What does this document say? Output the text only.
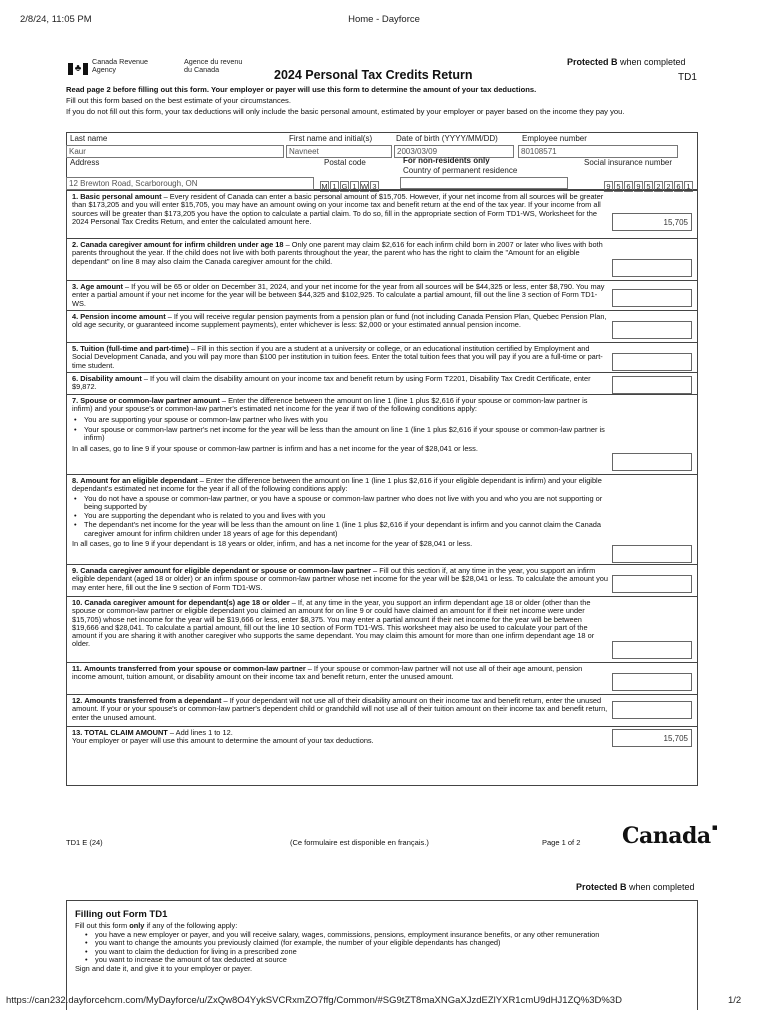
2/8/24, 11:05 PM	Home - Dayforce
♣
Canada Revenue
Agency
Agence du revenu
du Canada
Protected B when completed
2024 Personal Tax Credits Return	TD1
Read page 2 before filling out this form. Your employer or payer will use this form to determine the amount of your tax deductions.
Fill out this form based on the best estimate of your circumstances.
If you do not fill out this form, your tax deductions will only include the basic personal amount, estimated by your employer or payer based on the income they pay you.
Last name
Kaur
First name and initial(s)
Navneet
Date of birth (YYYY/MM/DD)
2003/03/09
Employee number
80108571
Address
12 Brewton Road, Scarborough, ON
Postal code
M 1 G 1 W 3
For non-residents only
Country of permanent residence
Social insurance number
9 5 6 9 5 2 2 6 1
1. Basic personal amount – Every resident of Canada can enter a basic personal amount of $15,705. However, if your net income from all sources will be greater than $173,205 and you will enter $15,705, you may have an amount owing on your income tax and benefit return at the end of the tax year. If your income from all sources will be greater than $173,205 you have the option to calculate a partial claim. To do so, fill in the appropriate section of Form TD1-WS, Worksheet for the 2024 Personal Tax Credits Return, and enter the calculated amount here.	15,705
2. Canada caregiver amount for infirm children under age 18 – Only one parent may claim $2,616 for each infirm child born in 2007 or later who lives with both parents throughout the year. If the child does not live with both parents throughout the year, the parent who has the right to claim the "Amount for an eligible dependant" on line 8 may also claim the Canada caregiver amount for the child.
3. Age amount – If you will be 65 or older on December 31, 2024, and your net income for the year from all sources will be $44,325 or less, enter $8,790. You may enter a partial amount if your net income for the year will be between $44,325 and $102,925. To calculate a partial amount, fill out the line 3 section of Form TD1-WS.
4. Pension income amount – If you will receive regular pension payments from a pension plan or fund (not including Canada Pension Plan, Quebec Pension Plan, old age security, or guaranteed income supplement payments), enter whichever is less: $2,000 or your estimated annual pension income.
5. Tuition (full-time and part-time) – Fill in this section if you are a student at a university or college, or an educational institution certified by Employment and Social Development Canada, and you will pay more than $100 per institution in tuition fees. Enter the total tuition fees that you will pay if you are a full-time or part-time student.
6. Disability amount – If you will claim the disability amount on your income tax and benefit return by using Form T2201, Disability Tax Credit Certificate, enter $9,872.
7. Spouse or common-law partner amount – Enter the difference between the amount on line 1 (line 1 plus $2,616 if your spouse or common-law partner is infirm) and your spouse's or common-law partner's estimated net income for the year if two of the following conditions apply:
• You are supporting your spouse or common-law partner who lives with you
• Your spouse or common-law partner's net income for the year will be less than the amount on line 1 (line 1 plus $2,616 if your spouse or common-law partner is infirm)
In all cases, go to line 9 if your spouse or common-law partner is infirm and has a net income for the year of $28,041 or less.
8. Amount for an eligible dependant – Enter the difference between the amount on line 1 (line 1 plus $2,616 if your eligible dependant is infirm) and your eligible dependant's estimated net income for the year if all of the following conditions apply:
• You do not have a spouse or common-law partner, or you have a spouse or common-law partner who does not live with you and who you are not supporting or being supported by
• You are supporting the dependant who is related to you and lives with you
• The dependant's net income for the year will be less than the amount on line 1 (line 1 plus $2,616 if your dependant is infirm and you cannot claim the Canada caregiver amount for infirm children under 18 years of age for this dependant)
In all cases, go to line 9 if your dependant is 18 years or older, infirm, and has a net income for the year of $28,041 or less.
9. Canada caregiver amount for eligible dependant or spouse or common-law partner – Fill out this section if, at any time in the year, you support an infirm eligible dependant (aged 18 or older) or an infirm spouse or common-law partner whose net income for the year will be $28,041 or less. To calculate the amount you may enter here, fill out the line 9 section of Form TD1-WS.
10. Canada caregiver amount for dependant(s) age 18 or older – If, at any time in the year, you support an infirm dependant age 18 or older (other than the spouse or common-law partner or eligible dependant you claimed an amount for on line 9 or could have claimed an amount for if their net income were under $15,705) whose net income for the year will be $19,666 or less, enter $8,375. You may enter a partial amount if their net income for the year will be between $19,666 and $28,041. To calculate a partial amount, fill out the line 10 section of Form TD1-WS. This worksheet may also be used to calculate your part of the amount if you are sharing it with another caregiver who supports the same dependant. You may claim this amount for more than one infirm dependant age 18 or older.
11. Amounts transferred from your spouse or common-law partner – If your spouse or common-law partner will not use all of their age amount, pension income amount, tuition amount, or disability amount on their income tax and benefit return, enter the unused amount.
12. Amounts transferred from a dependant – If your dependant will not use all of their disability amount on their income tax and benefit return, enter the unused amount. If your or your spouse's or common-law partner's dependent child or grandchild will not use all of their tuition amount on their income tax and benefit return, enter the unused amount.
13. TOTAL CLAIM AMOUNT – Add lines 1 to 12.
Your employer or payer will use this amount to determine the amount of your tax deductions.	15,705
TD1 E (24)	(Ce formulaire est disponible en français.)	Page 1 of 2 Canada▪
Protected B when completed
Filling out Form TD1
Fill out this form only if any of the following apply:
• you have a new employer or payer, and you will receive salary, wages, commissions, pensions, employment insurance benefits, or any other remuneration
• you want to change the amounts you previously claimed (for example, the number of your eligible dependants has changed)
• you want to claim the deduction for living in a prescribed zone
• you want to increase the amount of tax deducted at source
Sign and date it, and give it to your employer or payer.
https://can232.dayforcehcm.com/MyDayforce/u/ZxQw8O4YykSVCRxmZO7ffg/Common/#SG9tZT8maXNGaXJzdEZlYXR1cmU9dHJ1ZQ%3D%3D	1/2
